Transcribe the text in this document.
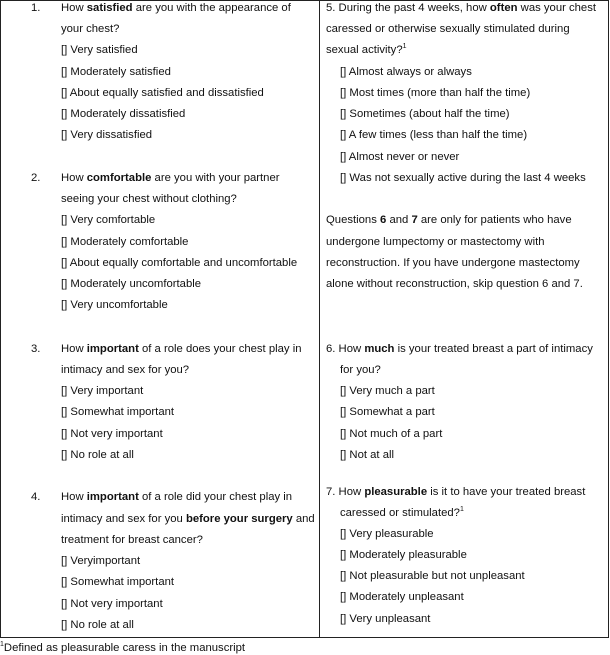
1. How satisfied are you with the appearance of
your chest?
[] Very satisfied
[] Moderately satisfied
[] About equally satisfied and dissatisfied
[] Moderately dissatisfied
[] Very dissatisfied
2. How comfortable are you with your partner
seeing your chest without clothing?
[] Very comfortable
[] Moderately comfortable
[] About equally comfortable and uncomfortable
[] Moderately uncomfortable
[] Very uncomfortable
3. How important of a role does your chest play in
intimacy and sex for you?
[] Very important
[] Somewhat important
[] Not very important
[] No role at all
4. How important of a role did your chest play in
intimacy and sex for you before your surgery and
treatment for breast cancer?
[] Veryimportant
[] Somewhat important
[] Not very important
[] No role at all
5. During the past 4 weeks, how often was your chest
caressed or otherwise sexually stimulated during
sexual activity?$^1$
[] Almost always or always
[] Most times (more than half the time)
[] Sometimes (about half the time)
[] A few times (less than half the time)
[] Almost never or never
[] Was not sexually active during the last 4 weeks
Questions 6 and 7 are only for patients who have
undergone lumpectomy or mastectomy with
reconstruction. If you have undergone mastectomy
alone without reconstruction, skip question 6 and 7.
6. How much is your treated breast a part of intimacy
for you?
[] Very much a part
[] Somewhat a part
[] Not much of a part
[] Not at all
7. How pleasurable is it to have your treated breast
caressed or stimulated?$^1$
[] Very pleasurable
[] Moderately pleasurable
[] Not pleasurable but not unpleasant
[] Moderately unpleasant
[] Very unpleasant
$^1$Defined as pleasurable caress in the manuscript
